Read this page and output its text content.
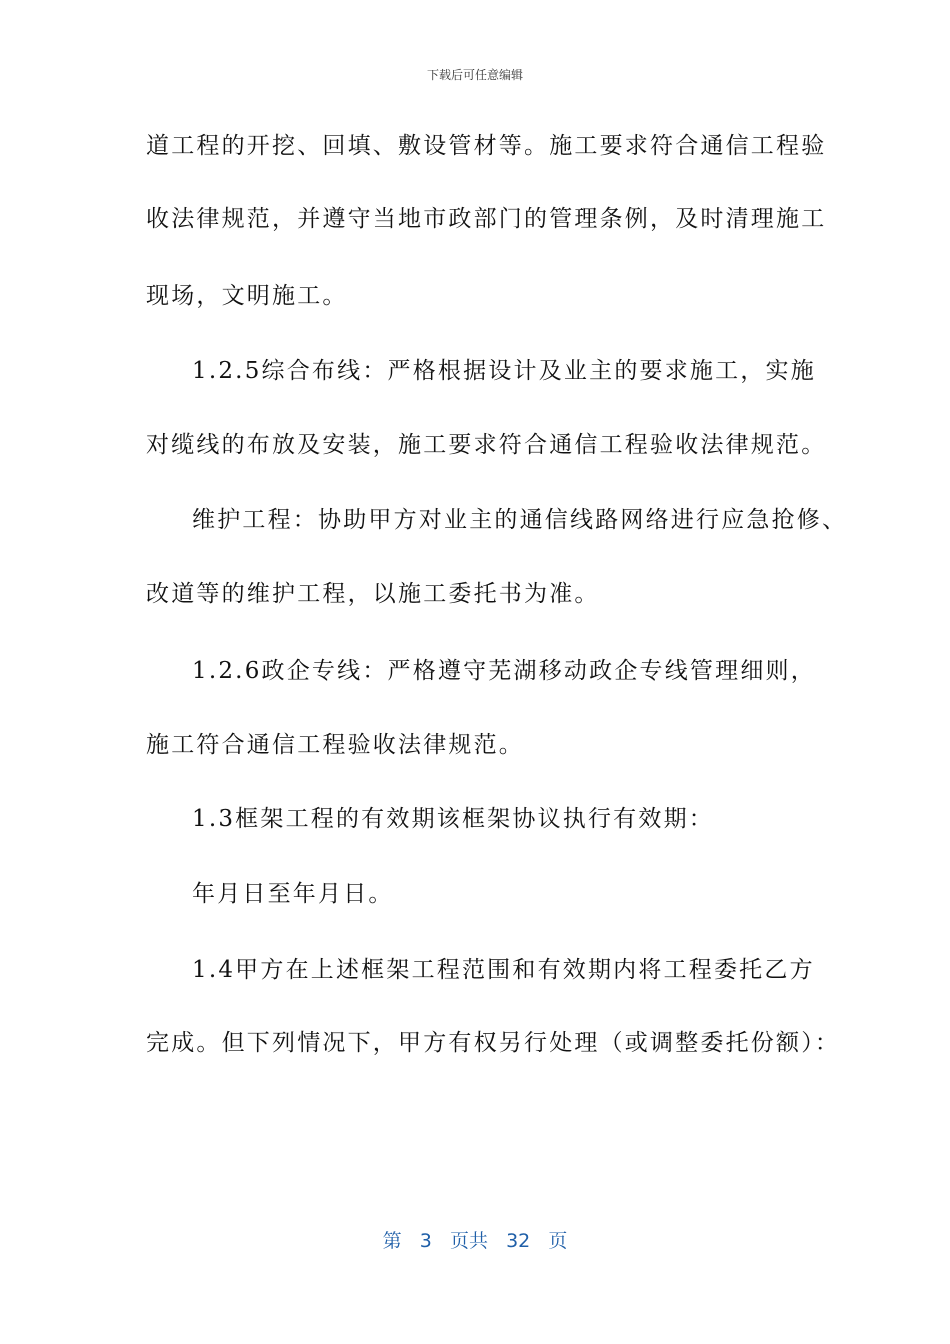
下载后可任意编辑
道工程的开挖、回填、敷设管材等。施工要求符合通信工程验
收法律规范，并遵守当地市政部门的管理条例，及时清理施工
现场，文明施工。
1.2.5综合布线：严格根据设计及业主的要求施工，实施
对缆线的布放及安装，施工要求符合通信工程验收法律规范。
维护工程：协助甲方对业主的通信线路网络进行应急抢修、
改道等的维护工程，以施工委托书为准。
1.2.6政企专线：严格遵守芜湖移动政企专线管理细则，
施工符合通信工程验收法律规范。
1.3框架工程的有效期该框架协议执行有效期：
年月日至年月日。
1.4甲方在上述框架工程范围和有效期内将工程委托乙方
完成。但下列情况下，甲方有权另行处理（或调整委托份额）：
第 3 页共 32 页
